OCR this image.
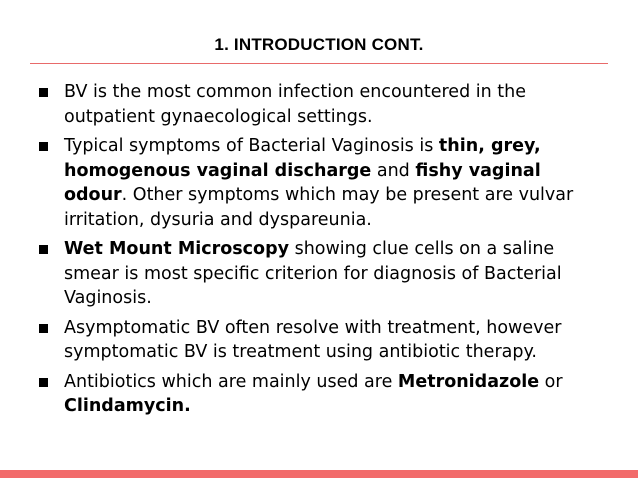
1. INTRODUCTION CONT.
BV is the most common infection encountered in the outpatient gynaecological settings.
Typical symptoms of Bacterial Vaginosis is thin, grey, homogenous vaginal discharge and fishy vaginal odour. Other symptoms which may be present are vulvar irritation, dysuria and dyspareunia.
Wet Mount Microscopy showing clue cells on a saline smear is most specific criterion for diagnosis of Bacterial Vaginosis.
Asymptomatic BV often resolve with treatment, however symptomatic BV is treatment using antibiotic therapy.
Antibiotics which are mainly used are Metronidazole or Clindamycin.
